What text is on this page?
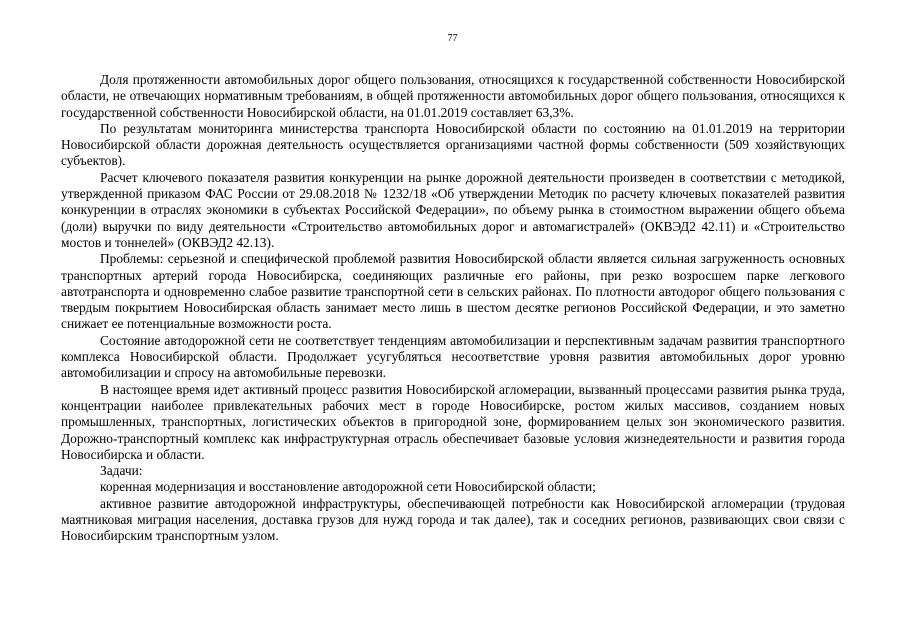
77

Доля протяженности автомобильных дорог общего пользования, относящихся к государственной собственности Новосибирской области, не отвечающих нормативным требованиям, в общей протяженности автомобильных дорог общего пользования, относящихся к государственной собственности Новосибирской области, на 01.01.2019 составляет 63,3%.

По результатам мониторинга министерства транспорта Новосибирской области по состоянию на 01.01.2019 на территории Новосибирской области дорожная деятельность осуществляется организациями частной формы собственности (509 хозяйствующих субъектов).

Расчет ключевого показателя развития конкуренции на рынке дорожной деятельности произведен в соответствии с методикой, утвержденной приказом ФАС России от 29.08.2018 № 1232/18 «Об утверждении Методик по расчету ключевых показателей развития конкуренции в отраслях экономики в субъектах Российской Федерации», по объему рынка в стоимостном выражении общего объема (доли) выручки по виду деятельности «Строительство автомобильных дорог и автомагистралей» (ОКВЭД2 42.11) и «Строительство мостов и тоннелей» (ОКВЭД2 42.13).

Проблемы: серьезной и специфической проблемой развития Новосибирской области является сильная загруженность основных транспортных артерий города Новосибирска, соединяющих различные его районы, при резко возросшем парке легкового автотранспорта и одновременно слабое развитие транспортной сети в сельских районах. По плотности автодорог общего пользования с твердым покрытием Новосибирская область занимает место лишь в шестом десятке регионов Российской Федерации, и это заметно снижает ее потенциальные возможности роста.

Состояние автодорожной сети не соответствует тенденциям автомобилизации и перспективным задачам развития транспортного комплекса Новосибирской области. Продолжает усугубляться несоответствие уровня развития автомобильных дорог уровню автомобилизации и спросу на автомобильные перевозки.

В настоящее время идет активный процесс развития Новосибирской агломерации, вызванный процессами развития рынка труда, концентрации наиболее привлекательных рабочих мест в городе Новосибирске, ростом жилых массивов, созданием новых промышленных, транспортных, логистических объектов в пригородной зоне, формированием целых зон экономического развития. Дорожно-транспортный комплекс как инфраструктурная отрасль обеспечивает базовые условия жизнедеятельности и развития города Новосибирска и области.

Задачи:

коренная модернизация и восстановление автодорожной сети Новосибирской области;

активное развитие автодорожной инфраструктуры, обеспечивающей потребности как Новосибирской агломерации (трудовая маятниковая миграция населения, доставка грузов для нужд города и так далее), так и соседних регионов, развивающих свои связи с Новосибирским транспортным узлом.
